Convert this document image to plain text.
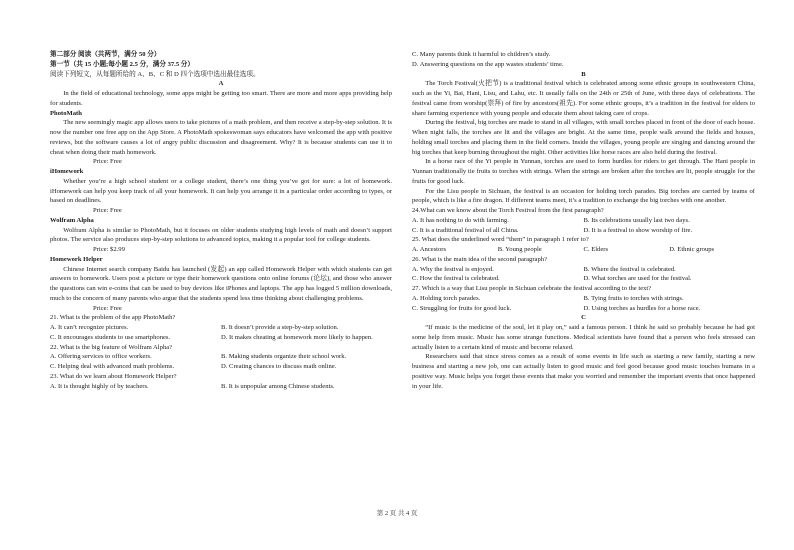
第二部分 阅读（共两节，满分 50 分）

第一节（共 15 小题;每小题 2.5 分，满分 37.5 分）

阅读下列短文，从每题所给的 A、B、C 和 D 四个选项中选出最佳选项。

A

In the field of educational technology, some apps might be getting too smart. There are more and more apps providing help for students.

PhotoMath

The new seemingly magic app allows users to take pictures of a math problem, and then receive a step-by-step solution. It is now the number one free app on the App Store. A PhotoMath spokeswoman says educators have welcomed the app with positive reviews, but the software causes a lot of angry public discussion and disagreement. Why? It is because students can use it to cheat when doing their math homework.

Price: Free

iHomework

Whether you’re a high school student or a college student, there’s one thing you’ve got for sure: a lot of homework. iHomework can help you keep track of all your homework. It can help you arrange it in a particular order according to types, or based on deadlines.

Price: Free

Wolfram Alpha

Wolfram Alpha is similar to PhotoMath, but it focuses on older students studying high levels of math and doesn’t support photos. The service also produces step-by-step solutions to advanced topics, making it a popular tool for college students.

Price: $2.99

Homework Helper

Chinese Internet search company Baidu has launched (发起) an app called Homework Helper with which students can get answers to homework. Users post a picture or type their homework questions onto online forums (论坛), and those who answer the questions can win e-coins that can be used to buy devices like iPhones and laptops. The app has logged 5 million downloads, much to the concern of many parents who argue that the students spend less time thinking about challenging problems.

Price: Free

21. What is the problem of the app PhotoMath?

A. It can’t recognize pictures.	B. It doesn’t provide a step-by-step solution.
C. It encourages students to use smartphones.	D. It makes cheating at homework more likely to happen.

22. What is the big feature of Wolfram Alpha?

A. Offering services to office workers.	B. Making students organize their school work.
C. Helping deal with advanced math problems.	D. Creating chances to discuss math online.

23. What do we learn about Homework Helper?

A. It is thought highly of by teachers.	B. It is unpopular among Chinese students.

C. Many parents think it harmful to children’s study.

D. Answering questions on the app wastes students’ time.

B

The Torch Festival(火把节) is a traditional festival which is celebrated among some ethnic groups in southwestern China, such as the Yi, Bai, Hani, Lisu, and Lahu, etc. It usually falls on the 24th or 25th of June, with three days of celebrations. The festival came from worship(崇拜) of fire by ancestors(祖先). For some ethnic groups, it’s a tradition in the festival for elders to share farming experience with young people and educate them about taking care of crops.

During the festival, big torches are made to stand in all villages, with small torches placed in front of the door of each house. When night falls, the torches are lit and the villages are bright. At the same time, people walk around the fields and houses, holding small torches and placing them in the field corners. Inside the villages, young people are singing and dancing around the big torches that keep burning throughout the night. Other activities like horse races are also held during the festival.

In a horse race of the Yi people in Yunnan, torches are used to form hurdles for riders to get through. The Hani people in Yunnan traditionally tie fruits to torches with strings. When the strings are broken after the torches are lit, people struggle for the fruits for good luck.

For the Lisu people in Sichuan, the festival is an occasion for holding torch parades. Big torches are carried by teams of people, which is like a fire dragon. If different teams meet, it’s a tradition to exchange the big torches with one another.

24.What can we know about the Torch Festival from the first paragraph?

A. It has nothing to do with farming.	B. Its celebrations usually last two days.
C. It is a traditional festival of all China.	D. It is a festival to show worship of fire.

25. What does the underlined word “them” in paragraph 1 refer to?

A. Ancestors	B. Young people	C. Elders	D. Ethnic groups

26. What is the main idea of the second paragraph?

A. Why the festival is enjoyed.	B. Where the festival is celebrated.
C. How the festival is celebrated.	D. What torches are used for the festival.

27. Which is a way that Lisu people in Sichuan celebrate the festival according to the text?

A. Holding torch parades.	B. Tying fruits to torches with strings.
C. Struggling for fruits for good luck.	D. Using torches as hurdles for a horse race.

C

“If music is the medicine of the soul, let it play on,” said a famous person. I think he said so probably because he had got some help from music. Music has some strange functions. Medical scientists have found that a person who feels stressed can actually listen to a certain kind of music and become relaxed.

Researchers said that since stress comes as a result of some events in life such as starting a new family, starting a new business and starting a new job, one can actually listen to good music and feel good because good music touches humans in a positive way. Music helps you forget these events that make you worried and remember the important events that once happened in your life.

第 2 页 共 4 页
